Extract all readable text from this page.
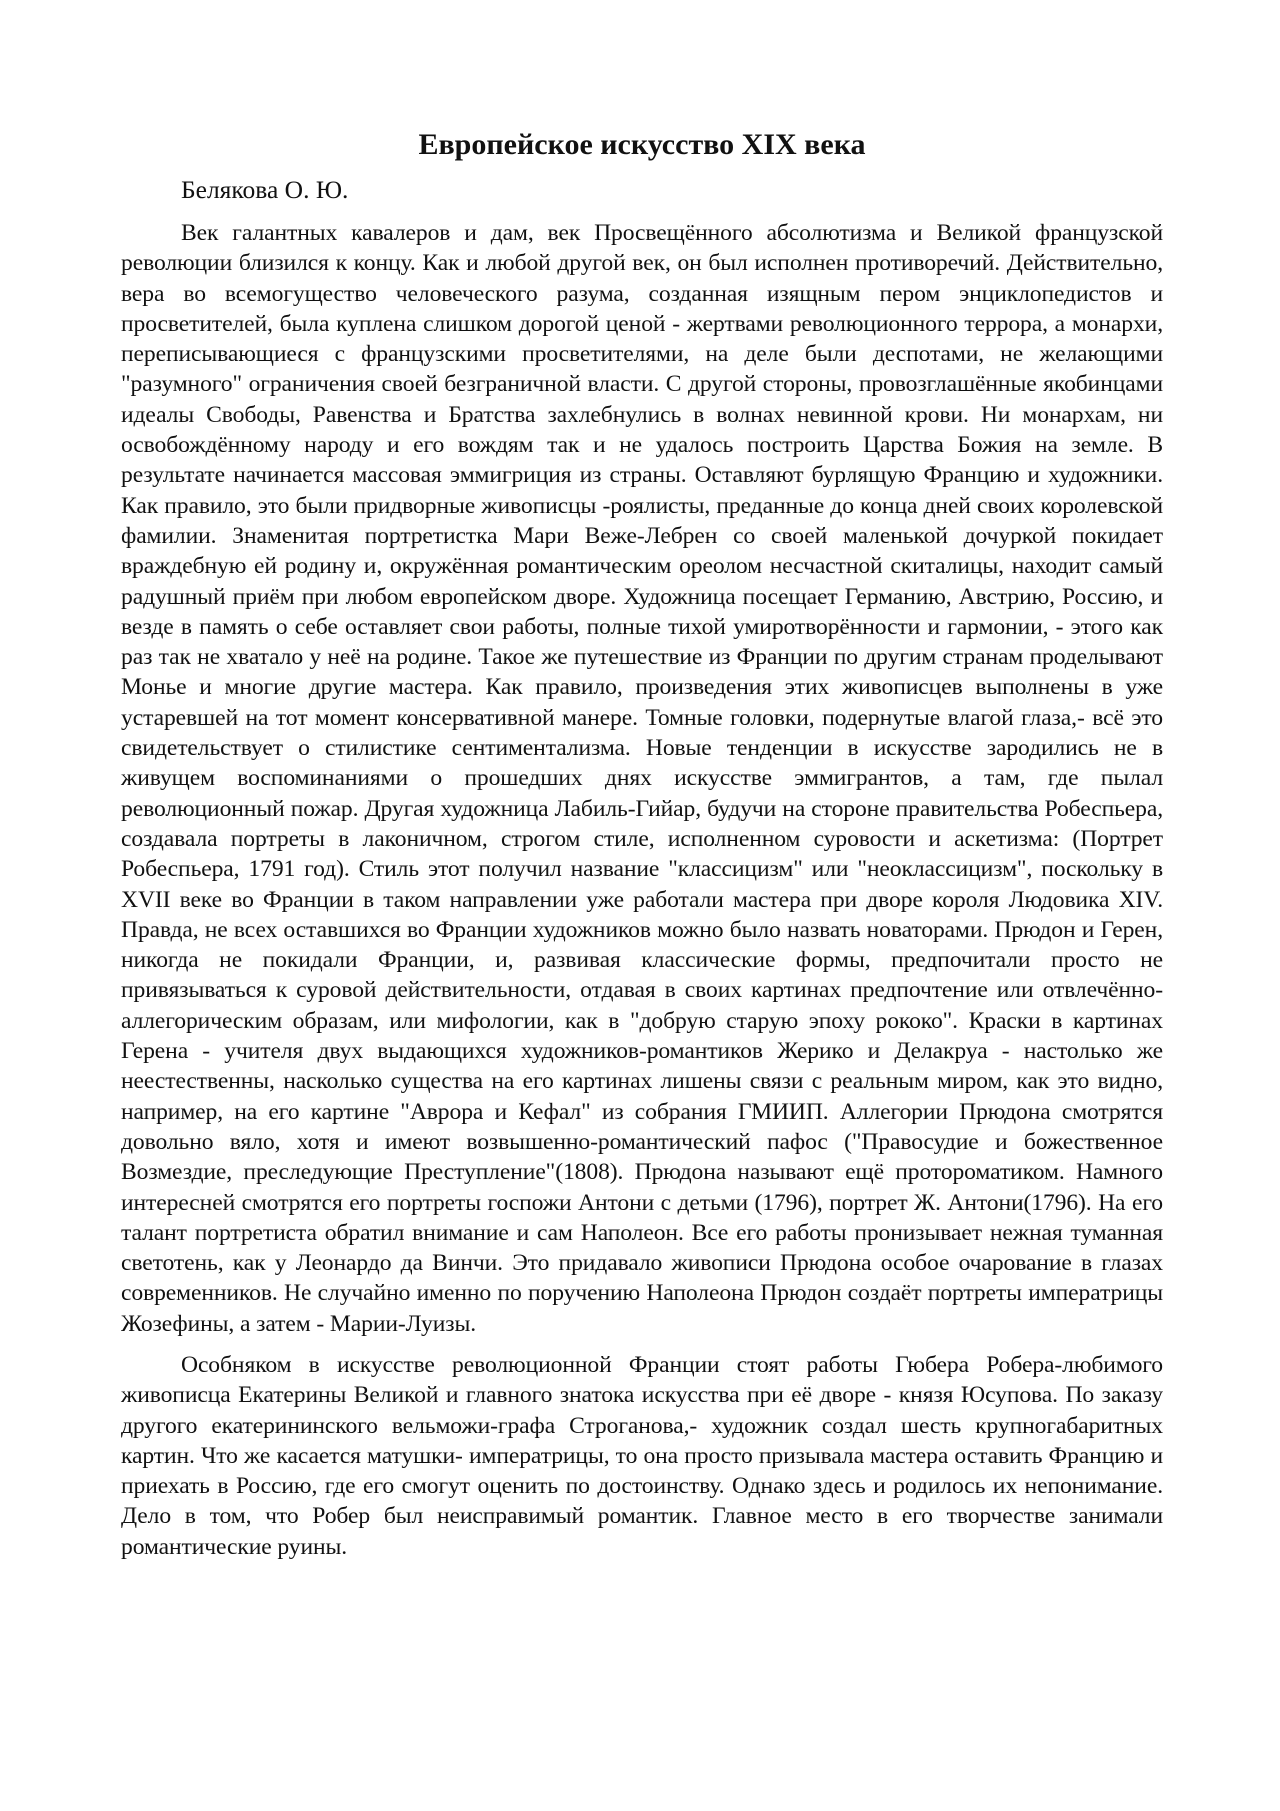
Европейское искусство XIX века
Белякова О. Ю.

Век галантных кавалеров и дам, век Просвещённого абсолютизма и Великой французской революции близился к концу. Как и любой другой век, он был исполнен противоречий. Действительно, вера во всемогущество человеческого разума, созданная изящным пером энциклопедистов и просветителей, была куплена слишком дорогой ценой - жертвами революционного террора, а монархи, переписывающиеся с французскими просветителями, на деле были деспотами, не желающими "разумного" ограничения своей безграничной власти. С другой стороны, провозглашённые якобинцами идеалы Свободы, Равенства и Братства захлебнулись в волнах невинной крови. Ни монархам, ни освобождённому народу и его вождям так и не удалось построить Царства Божия на земле. В результате начинается массовая эммигриция из страны. Оставляют бурлящую Францию и художники. Как правило, это были придворные живописцы -роялисты, преданные до конца дней своих королевской фамилии. Знаменитая портретистка Мари Веже-Лебрен со своей маленькой дочуркой покидает враждебную ей родину и, окружённая романтическим ореолом несчастной скиталицы, находит самый радушный приём при любом европейском дворе. Художница посещает Германию, Австрию, Россию, и везде в память о себе оставляет свои работы, полные тихой умиротворённости и гармонии, - этого как раз так не хватало у неё на родине. Такое же путешествие из Франции по другим странам проделывают Монье и многие другие мастера. Как правило, произведения этих живописцев выполнены в уже устаревшей на тот момент консервативной манере. Томные головки, подернутые влагой глаза,- всё это свидетельствует о стилистике сентиментализма. Новые тенденции в искусстве зародились не в живущем воспоминаниями о прошедших днях искусстве эммигрантов, а там, где пылал революционный пожар. Другая художница Лабиль-Гийар, будучи на стороне правительства Робеспьера, создавала портреты в лаконичном, строгом стиле, исполненном суровости и аскетизма: (Портрет Робеспьера, 1791 год). Стиль этот получил название "классицизм" или "неоклассицизм", поскольку в XVII веке во Франции в таком направлении уже работали мастера при дворе короля Людовика XIV. Правда, не всех оставшихся во Франции художников можно было назвать новаторами. Прюдон и Герен, никогда не покидали Франции, и, развивая классические формы, предпочитали просто не привязываться к суровой действительности, отдавая в своих картинах предпочтение или отвлечённо-аллегорическим образам, или мифологии, как в "добрую старую эпоху рококо". Краски в картинах Герена - учителя двух выдающихся художников-романтиков Жерико и Делакруа - настолько же неестественны, насколько существа на его картинах лишены связи с реальным миром, как это видно, например, на его картине "Аврора и Кефал" из собрания ГМИИП. Аллегории Прюдона смотрятся довольно вяло, хотя и имеют возвышенно-романтический пафос ("Правосудие и божественное Возмездие, преследующие Преступление"(1808). Прюдона называют ещё протороматиком. Намного интересней смотрятся его портреты госпожи Антони с детьми (1796), портрет Ж. Антони(1796). На его талант портретиста обратил внимание и сам Наполеон. Все его работы пронизывает нежная туманная светотень, как у Леонардо да Винчи. Это придавало живописи Прюдона особое очарование в глазах современников. Не случайно именно по поручению Наполеона Прюдон создаёт портреты императрицы Жозефины, а затем - Марии-Луизы.

Особняком в искусстве революционной Франции стоят работы Гюбера Робера-любимого живописца Екатерины Великой и главного знатока искусства при её дворе - князя Юсупова. По заказу другого екатерининского вельможи-графа Строганова,- художник создал шесть крупногабаритных картин. Что же касается матушки- императрицы, то она просто призывала мастера оставить Францию и приехать в Россию, где его смогут оценить по достоинству. Однако здесь и родилось их непонимание. Дело в том, что Робер был неисправимый романтик. Главное место в его творчестве занимали романтические руины.
